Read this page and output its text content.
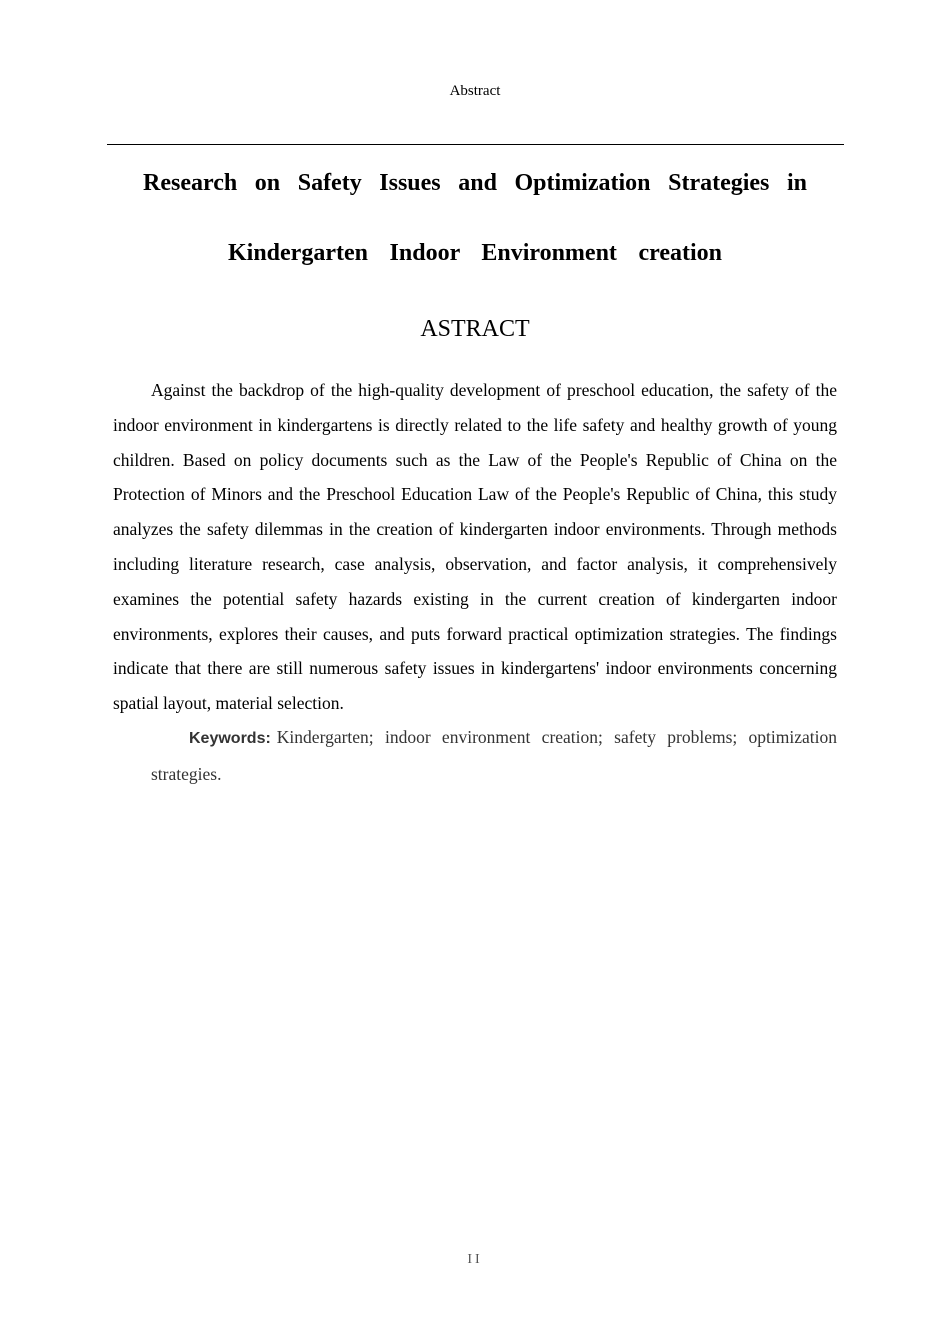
Abstract
Research on Safety Issues and Optimization Strategies in
Kindergarten Indoor Environment creation
ASTRACT

Against the backdrop of the high-quality development of preschool education, the safety of the indoor environment in kindergartens is directly related to the life safety and healthy growth of young children. Based on policy documents such as the Law of the People's Republic of China on the Protection of Minors and the Preschool Education Law of the People's Republic of China, this study analyzes the safety dilemmas in the creation of kindergarten indoor environments. Through methods including literature research, case analysis, observation, and factor analysis, it comprehensively examines the potential safety hazards existing in the current creation of kindergarten indoor environments, explores their causes, and puts forward practical optimization strategies. The findings indicate that there are still numerous safety issues in kindergartens' indoor environments concerning spatial layout, material selection.

Keywords: Kindergarten; indoor environment creation; safety problems; optimization strategies.

II
